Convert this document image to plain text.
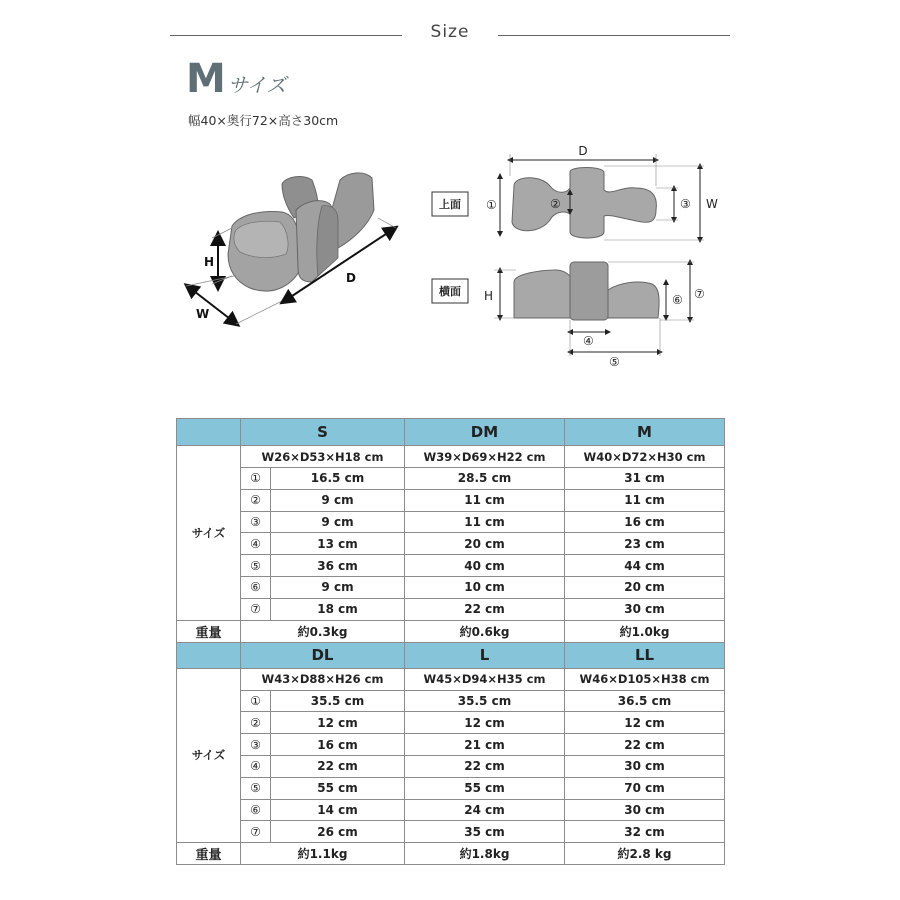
Size
Mサイズ
幅40×奥行72×高さ30cm
H
W
D
上面
D
①	②	③ W
横面 H
④
⑤
⑥ ⑦
	S		DM	M
サイズ	W26×D53×H18 cm		W39×D69×H22 cm	W40×D72×H30 cm
	①	16.5 cm	28.5 cm	31 cm
	②	9 cm	11 cm	11 cm
	③	9 cm	11 cm	16 cm
	④	13 cm	20 cm	23 cm
	⑤	36 cm	40 cm	44 cm
	⑥	9 cm	10 cm	20 cm
	⑦	18 cm	22 cm	30 cm
重量	約0.3kg		約0.6kg	約1.0kg
	DL		L	LL
サイズ	W43×D88×H26 cm		W45×D94×H35 cm	W46×D105×H38 cm
	①	35.5 cm	35.5 cm	36.5 cm
	②	12 cm	12 cm	12 cm
	③	16 cm	21 cm	22 cm
	④	22 cm	22 cm	30 cm
	⑤	55 cm	55 cm	70 cm
	⑥	14 cm	24 cm	30 cm
	⑦	26 cm	35 cm	32 cm
重量	約1.1kg		約1.8kg	約2.8 kg
